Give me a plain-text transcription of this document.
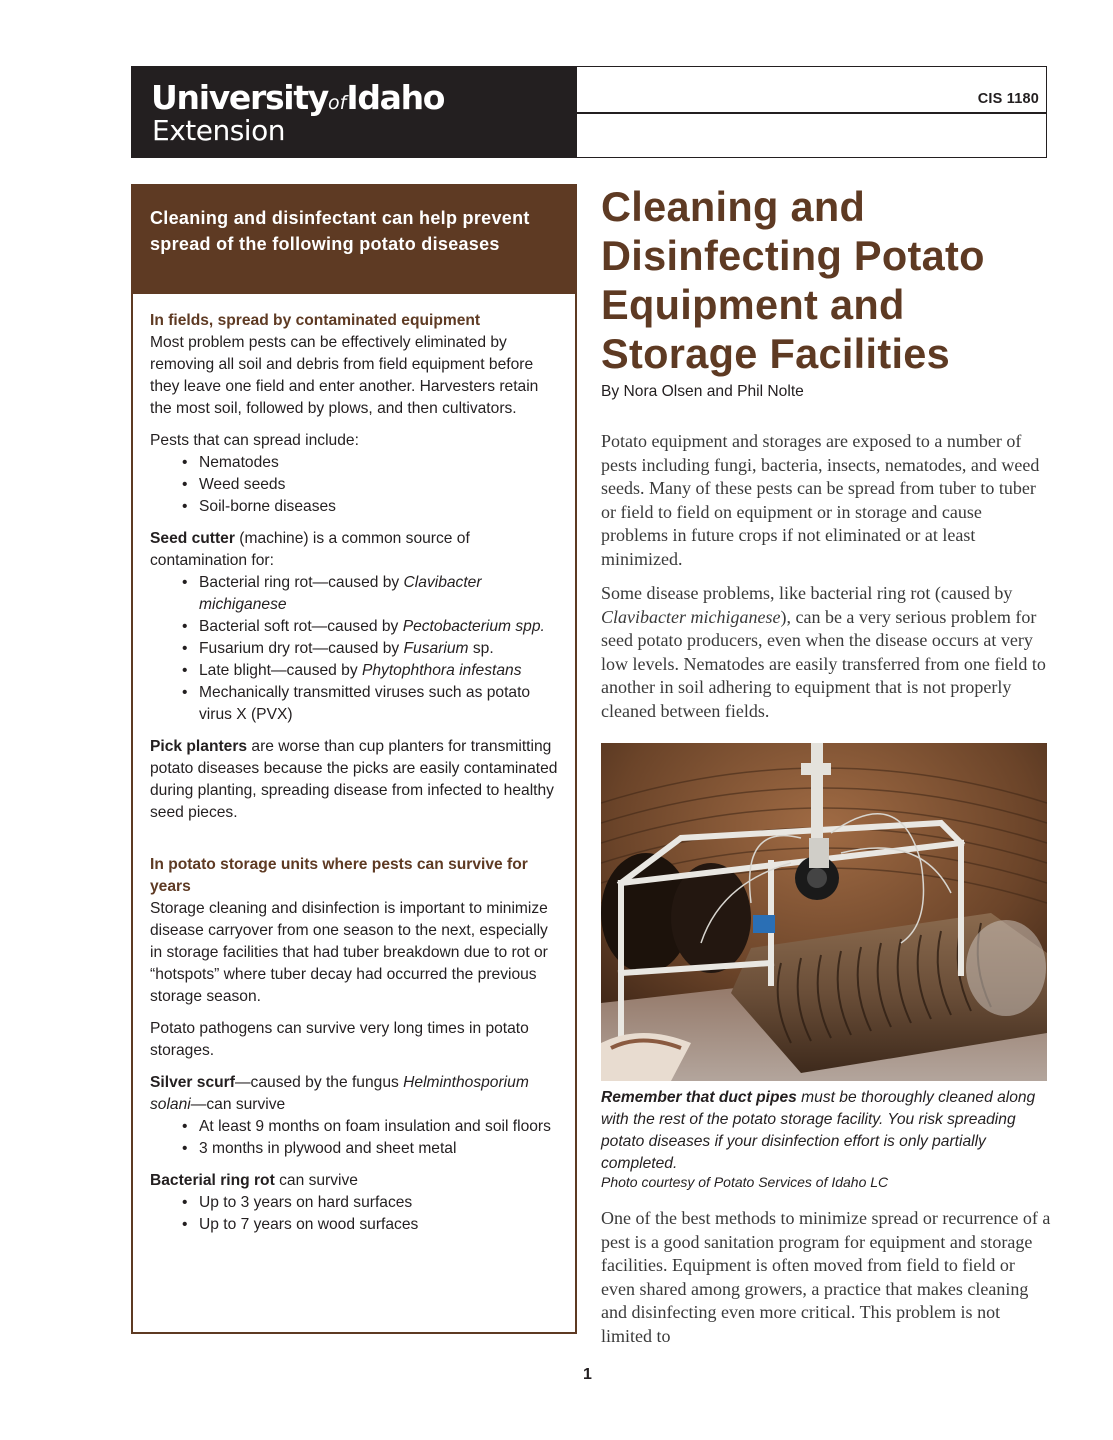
UniversityofIdaho
Extension
CIS 1180
Cleaning and disinfectant can help prevent spread of the following potato diseases
In fields, spread by contaminated equipment

Most problem pests can be effectively eliminated by removing all soil and debris from field equipment before they leave one field and enter another. Harvesters retain the most soil, followed by plows, and then cultivators.

Pests that can spread include:

• Nematodes
• Weed seeds
• Soil-borne diseases

Seed cutter (machine) is a common source of contamination for:

• Bacterial ring rot—caused by Clavibacter michiganese
• Bacterial soft rot—caused by Pectobacterium spp.
• Fusarium dry rot—caused by Fusarium sp.
• Late blight—caused by Phytophthora infestans
• Mechanically transmitted viruses such as potato virus X (PVX)

Pick planters are worse than cup planters for transmitting potato diseases because the picks are easily contaminated during planting, spreading disease from infected to healthy seed pieces.

In potato storage units where pests can survive for years

Storage cleaning and disinfection is important to minimize disease carryover from one season to the next, especially in storage facilities that had tuber breakdown due to rot or “hotspots” where tuber decay had occurred the previous storage season.

Potato pathogens can survive very long times in potato storages.

Silver scurf—caused by the fungus Helminthosporium solani—can survive

• At least 9 months on foam insulation and soil floors
• 3 months in plywood and sheet metal

Bacterial ring rot can survive

• Up to 3 years on hard surfaces
• Up to 7 years on wood surfaces
Cleaning and
Disinfecting Potato
Equipment and
Storage Facilities
By Nora Olsen and Phil Nolte

Potato equipment and storages are exposed to a number of pests including fungi, bacteria, insects, nematodes, and weed seeds. Many of these pests can be spread from tuber to tuber or field to field on equipment or in storage and cause problems in future crops if not eliminated or at least minimized.

Some disease problems, like bacterial ring rot (caused by Clavibacter michiganese), can be a very serious problem for seed potato producers, even when the disease occurs at very low levels. Nematodes are easily transferred from one field to another in soil adhering to equipment that is not properly cleaned between fields.

Remember that duct pipes must be thoroughly cleaned along with the rest of the potato storage facility. You risk spreading potato diseases if your disinfection effort is only partially completed.
Photo courtesy of Potato Services of Idaho LC

One of the best methods to minimize spread or recurrence of a pest is a good sanitation program for equipment and storage facilities. Equipment is often moved from field to field or even shared among growers, a practice that makes cleaning and disinfecting even more critical. This problem is not limited to

1
